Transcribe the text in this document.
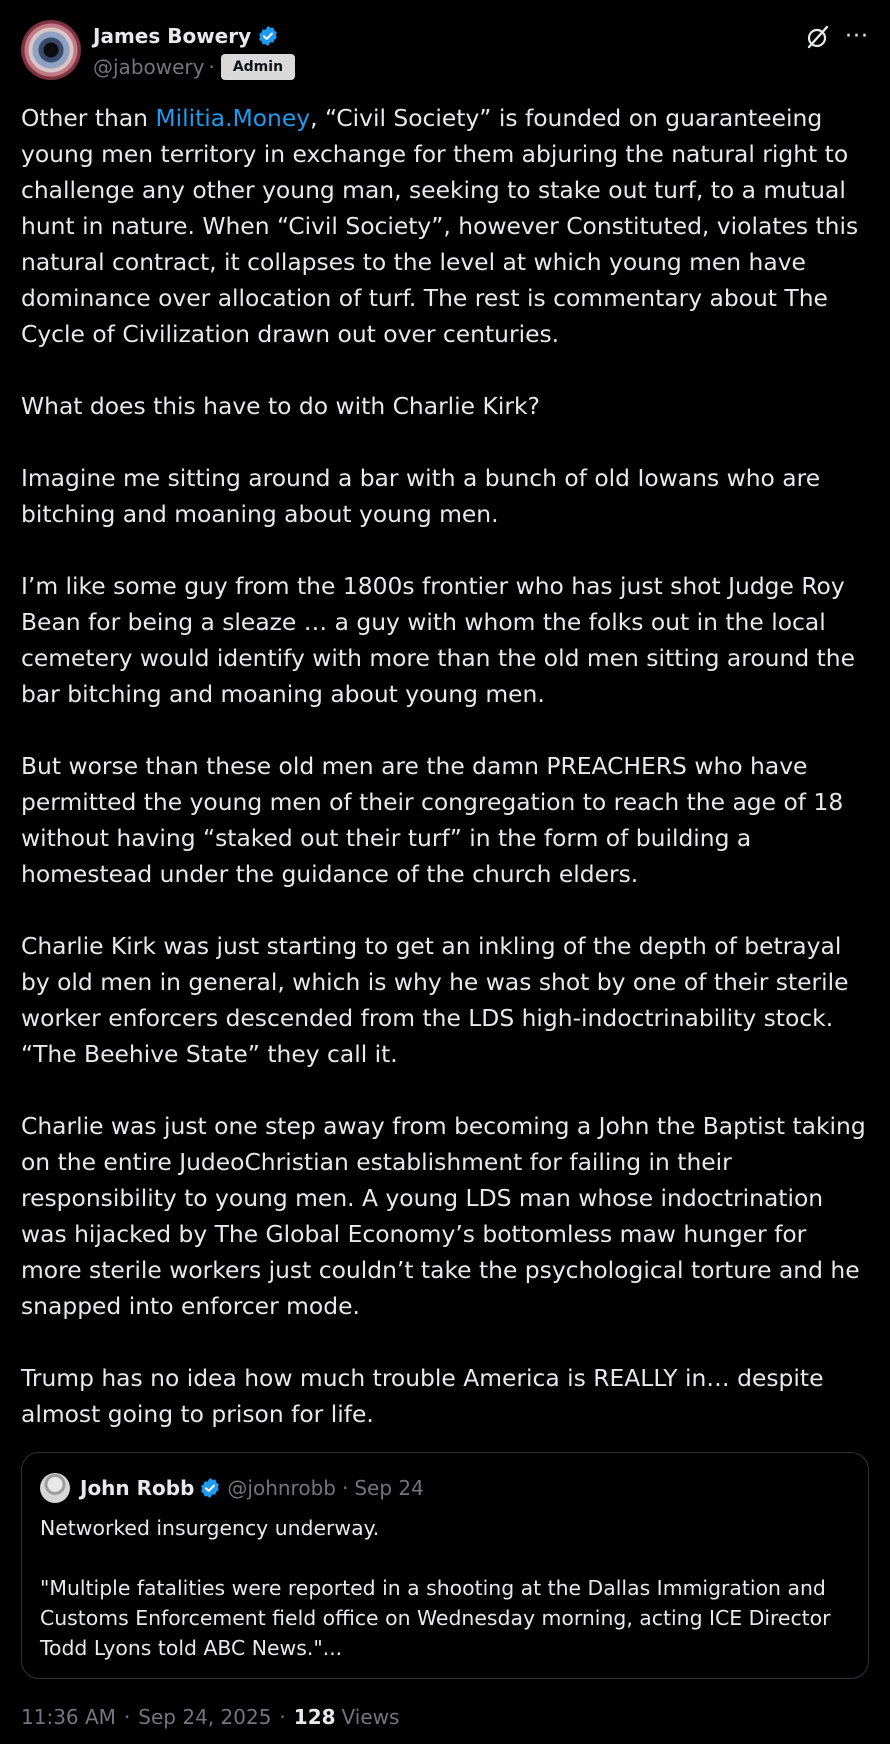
James Bowery
@jabowery ·	Admin
···

Other than Militia.Money, “Civil Society” is founded on guaranteeing young men territory in exchange for them abjuring the natural right to challenge any other young man, seeking to stake out turf, to a mutual hunt in nature. When “Civil Society”, however Constituted, violates this natural contract, it collapses to the level at which young men have dominance over allocation of turf. The rest is commentary about The Cycle of Civilization drawn out over centuries.

What does this have to do with Charlie Kirk?

Imagine me sitting around a bar with a bunch of old Iowans who are bitching and moaning about young men.

I’m like some guy from the 1800s frontier who has just shot Judge Roy Bean for being a sleaze … a guy with whom the folks out in the local cemetery would identify with more than the old men sitting around the bar bitching and moaning about young men.

But worse than these old men are the damn PREACHERS who have permitted the young men of their congregation to reach the age of 18 without having “staked out their turf” in the form of building a homestead under the guidance of the church elders.

Charlie Kirk was just starting to get an inkling of the depth of betrayal by old men in general, which is why he was shot by one of their sterile worker enforcers descended from the LDS high-indoctrinability stock. “The Beehive State” they call it.

Charlie was just one step away from becoming a John the Baptist taking on the entire JudeoChristian establishment for failing in their responsibility to young men. A young LDS man whose indoctrination was hijacked by The Global Economy’s bottomless maw hunger for more sterile workers just couldn’t take the psychological torture and he snapped into enforcer mode.

Trump has no idea how much trouble America is REALLY in… despite almost going to prison for life.

John Robb @johnrobb · Sep 24
Networked insurgency underway.
"Multiple fatalities were reported in a shooting at the Dallas Immigration and Customs Enforcement field office on Wednesday morning, acting ICE Director Todd Lyons told ABC News."...
11:36 AM · Sep 24, 2025 · 128 Views
